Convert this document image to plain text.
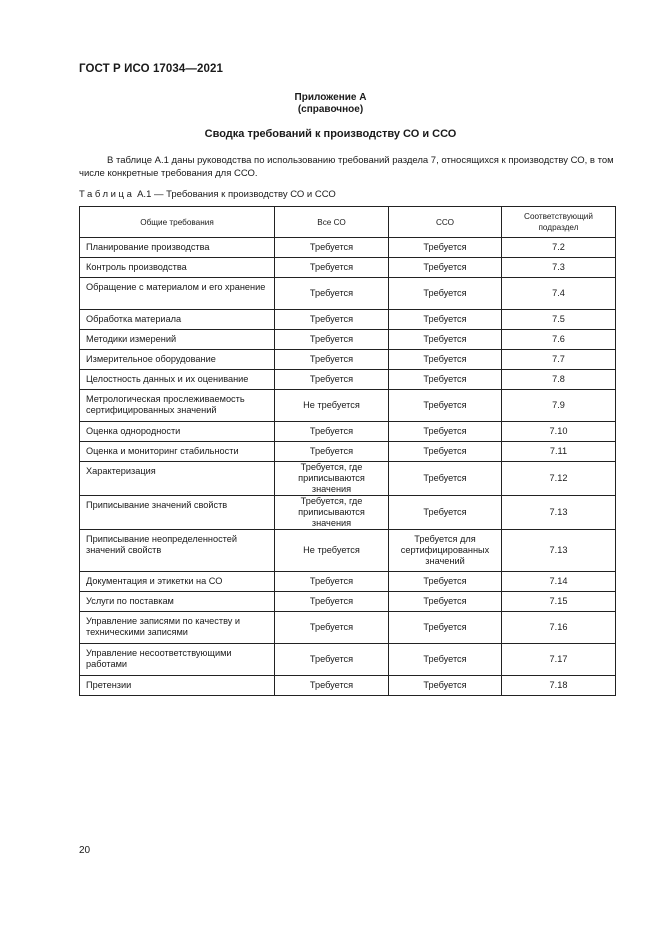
ГОСТ Р ИСО 17034—2021
Приложение А
(справочное)
Сводка требований к производству СО и ССО
В таблице А.1 даны руководства по использованию требований раздела 7, относящихся к производству СО, в том числе конкретные требования для ССО.
Таблица А.1 — Требования к производству СО и ССО
Общие требования	Все СО	ССО	Соответствующий подраздел
Планирование производства	Требуется	Требуется	7.2
Контроль производства	Требуется	Требуется	7.3
Обращение с материалом и его хранение	Требуется	Требуется	7.4
Обработка материала	Требуется	Требуется	7.5
Методики измерений	Требуется	Требуется	7.6
Измерительное оборудование	Требуется	Требуется	7.7
Целостность данных и их оценивание	Требуется	Требуется	7.8
Метрологическая прослеживаемость сертифицированных значений	Не требуется	Требуется	7.9
Оценка однородности	Требуется	Требуется	7.10
Оценка и мониторинг стабильности	Требуется	Требуется	7.11
Характеризация	Требуется, где приписываются значения	Требуется	7.12
Приписывание значений свойств	Требуется, где приписываются значения	Требуется	7.13
Приписывание неопределенностей значений свойств	Не требуется	Требуется для сертифицированных значений	7.13
Документация и этикетки на СО	Требуется	Требуется	7.14
Услуги по поставкам	Требуется	Требуется	7.15
Управление записями по качеству и техническими записями	Требуется	Требуется	7.16
Управление несоответствующими работами	Требуется	Требуется	7.17
Претензии	Требуется	Требуется	7.18
20
